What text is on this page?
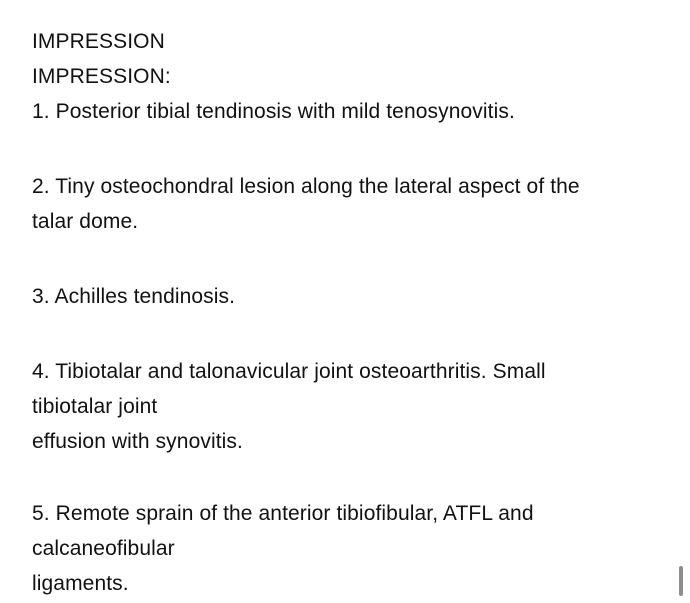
IMPRESSION
IMPRESSION:
1. Posterior tibial tendinosis with mild tenosynovitis.
2. Tiny osteochondral lesion along the lateral aspect of the
talar dome.
3. Achilles tendinosis.
4. Tibiotalar and talonavicular joint osteoarthritis. Small
tibiotalar joint
effusion with synovitis.
5. Remote sprain of the anterior tibiofibular, ATFL and
calcaneofibular
ligaments.
